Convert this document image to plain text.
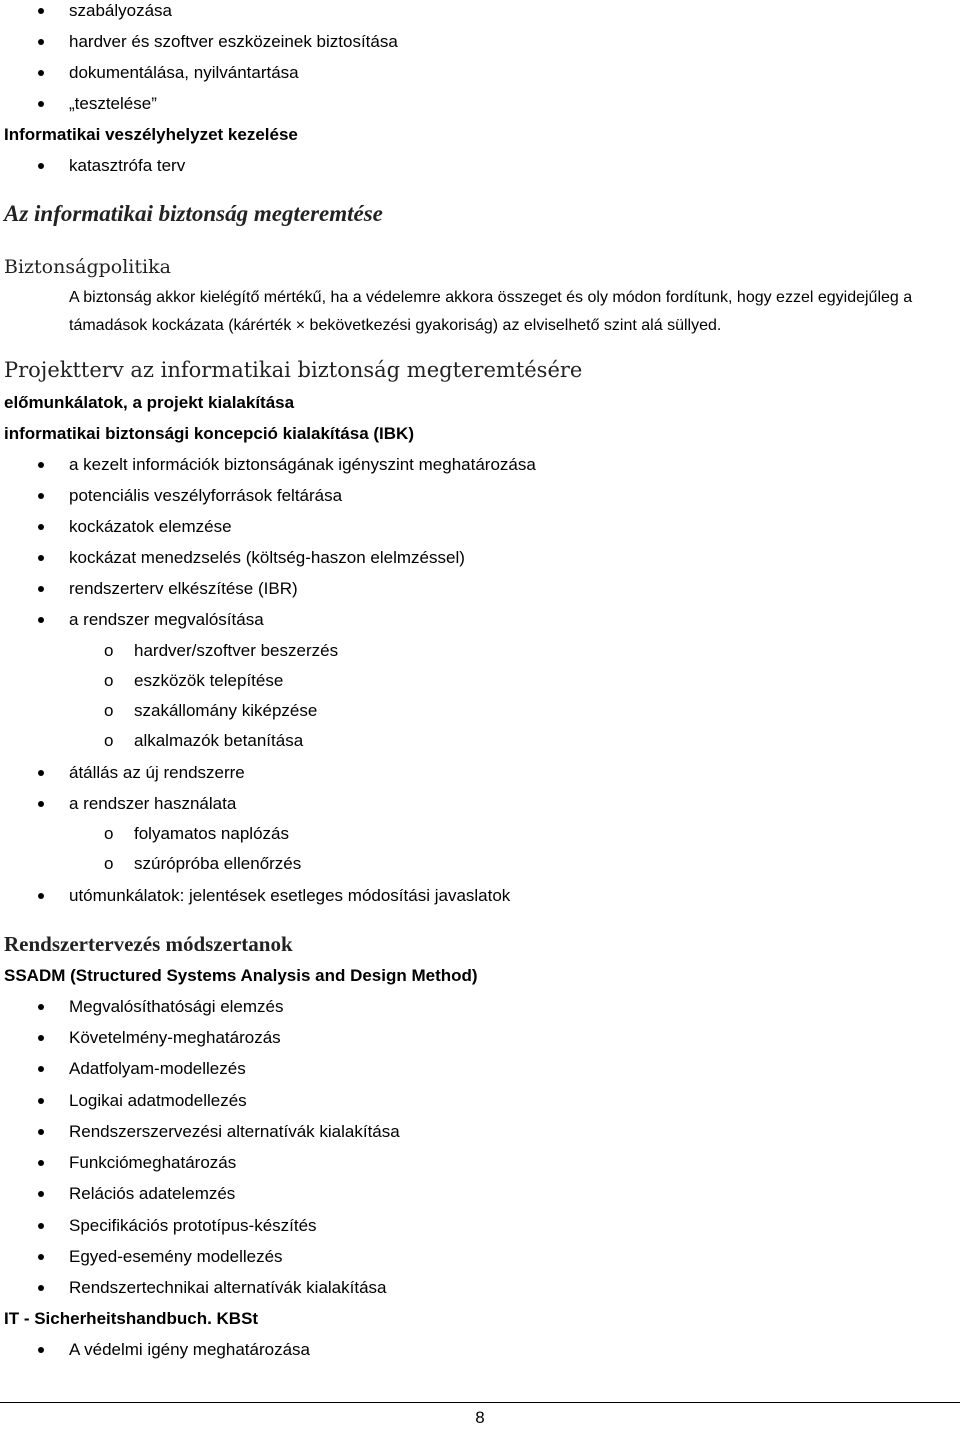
szabályozása
hardver és szoftver eszközeinek biztosítása
dokumentálása, nyilvántartása
„tesztelése”
Informatikai veszélyhelyzet kezelése
katasztrófa terv
Az informatikai biztonság megteremtése
Biztonságpolitika
A biztonság akkor kielégítő mértékű, ha a védelemre akkora összeget és oly módon fordítunk, hogy ezzel egyidejűleg a támadások kockázata (kárérték × bekövetkezési gyakoriság) az elviselhető szint alá süllyed.
Projektterv az informatikai biztonság megteremtésére
előmunkálatok, a projekt kialakítása
informatikai biztonsági koncepció kialakítása (IBK)
a kezelt információk biztonságának igényszint meghatározása
potenciális veszélyforrások feltárása
kockázatok elemzése
kockázat menedzselés (költség-haszon elelmzéssel)
rendszerterv elkészítése (IBR)
a rendszer megvalósítása
o hardver/szoftver beszerzés
o eszközök telepítése
o szakállomány kiképzése
o alkalmazók betanítása
átállás az új rendszerre
a rendszer használata
o folyamatos naplózás
o szúrópróba ellenőrzés
utómunkálatok: jelentések esetleges módosítási javaslatok
Rendszertervezés módszertanok
SSADM (Structured Systems Analysis and Design Method)
Megvalósíthatósági elemzés
Követelmény-meghatározás
Adatfolyam-modellezés
Logikai adatmodellezés
Rendszerszervezési alternatívák kialakítása
Funkciómeghatározás
Relációs adatelemzés
Specifikációs prototípus-készítés
Egyed-esemény modellezés
Rendszertechnikai alternatívák kialakítása
IT - Sicherheitshandbuch. KBSt
A védelmi igény meghatározása
8
